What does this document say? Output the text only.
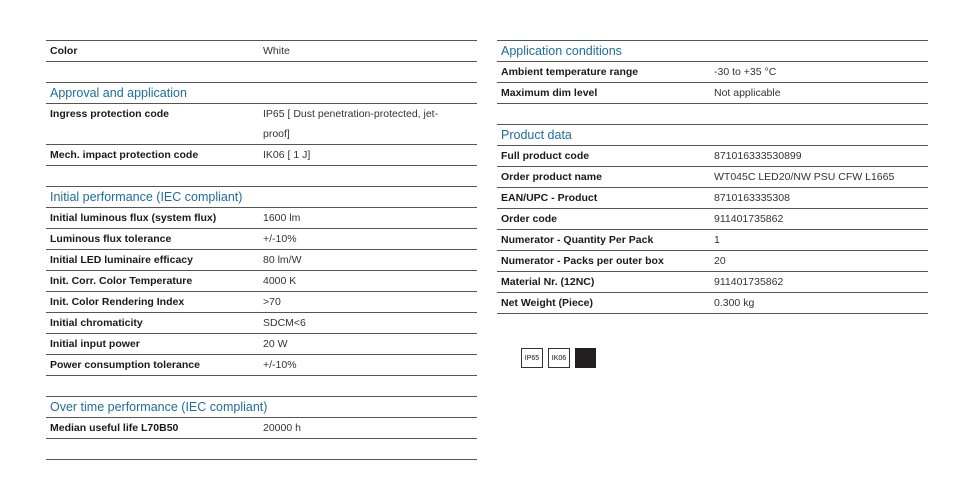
Color	White
Approval and application
Ingress protection code	IP65 [ Dust penetration-protected, jet-
proof]
Mech. impact protection code	IK06 [ 1 J]
Initial performance (IEC compliant)
Initial luminous flux (system flux)	1600 lm
Luminous flux tolerance	+/-10%
Initial LED luminaire efficacy	80 lm/W
Init. Corr. Color Temperature	4000 K
Init. Color Rendering Index	>70
Initial chromaticity	SDCM<6
Initial input power	20 W
Power consumption tolerance	+/-10%
Over time performance (IEC compliant)
Median useful life L70B50	20000 h
Application conditions
Ambient temperature range	-30 to +35 °C
Maximum dim level	Not applicable
Product data
Full product code	871016333530899
Order product name	WT045C LED20/NW PSU CFW L1665
EAN/UPC - Product	8710163335308
Order code	911401735862
Numerator - Quantity Per Pack	1
Numerator - Packs per outer box	20
Material Nr. (12NC)	911401735862
Net Weight (Piece)	0.300 kg
IP65	IK06
